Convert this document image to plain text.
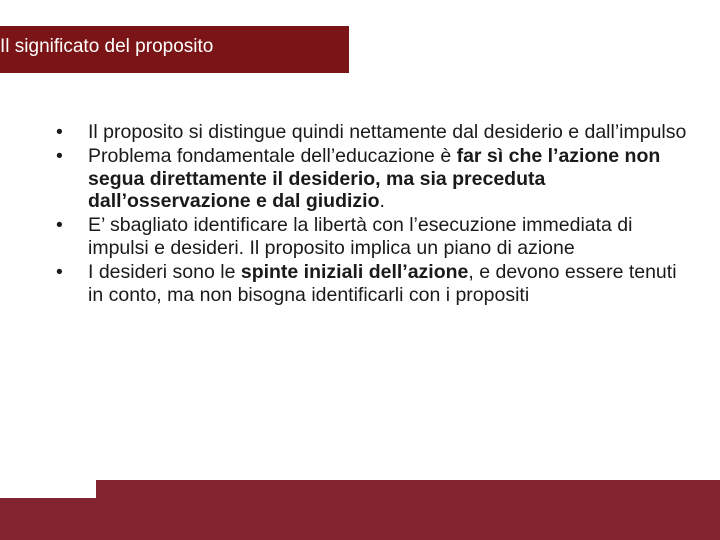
Il significato del proposito
•	Il proposito si distingue quindi nettamente dal desiderio e dall’impulso
•	Problema fondamentale dell’educazione è far sì che l’azione non segua direttamente il desiderio, ma sia preceduta dall’osservazione e dal giudizio.
•	E’ sbagliato identificare la libertà con l’esecuzione immediata di impulsi e desideri. Il proposito implica un piano di azione
•	I desideri sono le spinte iniziali dell’azione, e devono essere tenuti in conto, ma non bisogna identificarli con i propositi
